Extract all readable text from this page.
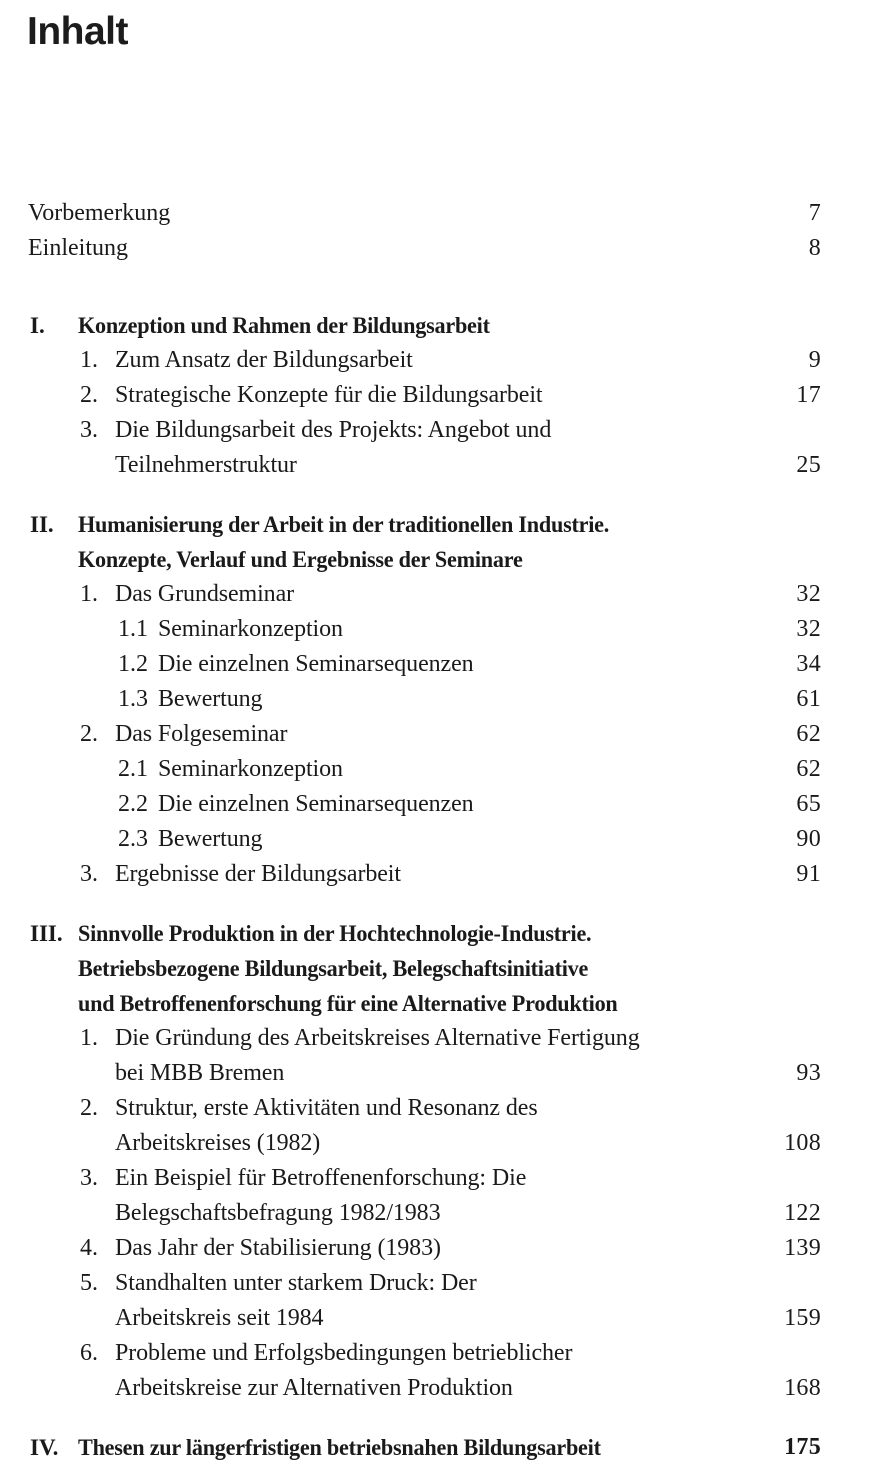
Inhalt
Vorbemerkung	7
Einleitung	8
I. Konzeption und Rahmen der Bildungsarbeit
1. Zum Ansatz der Bildungsarbeit	9
2. Strategische Konzepte für die Bildungsarbeit	17
3. Die Bildungsarbeit des Projekts: Angebot und
Teilnehmerstruktur	25
II. Humanisierung der Arbeit in der traditionellen Industrie.
Konzepte, Verlauf und Ergebnisse der Seminare
1. Das Grundseminar	32
1.1 Seminarkonzeption	32
1.2 Die einzelnen Seminarsequenzen	34
1.3 Bewertung	61
2. Das Folgeseminar	62
2.1 Seminarkonzeption	62
2.2 Die einzelnen Seminarsequenzen	65
2.3 Bewertung	90
3. Ergebnisse der Bildungsarbeit	91
III. Sinnvolle Produktion in der Hochtechnologie-Industrie.
Betriebsbezogene Bildungsarbeit, Belegschaftsinitiative
und Betroffenenforschung für eine Alternative Produktion
1. Die Gründung des Arbeitskreises Alternative Fertigung
bei MBB Bremen	93
2. Struktur, erste Aktivitäten und Resonanz des
Arbeitskreises (1982)	108
3. Ein Beispiel für Betroffenenforschung: Die
Belegschaftsbefragung 1982/1983	122
4. Das Jahr der Stabilisierung (1983)	139
5. Standhalten unter starkem Druck: Der
Arbeitskreis seit 1984	159
6. Probleme und Erfolgsbedingungen betrieblicher
Arbeitskreise zur Alternativen Produktion	168
IV. Thesen zur längerfristigen betriebsnahen Bildungsarbeit	175
